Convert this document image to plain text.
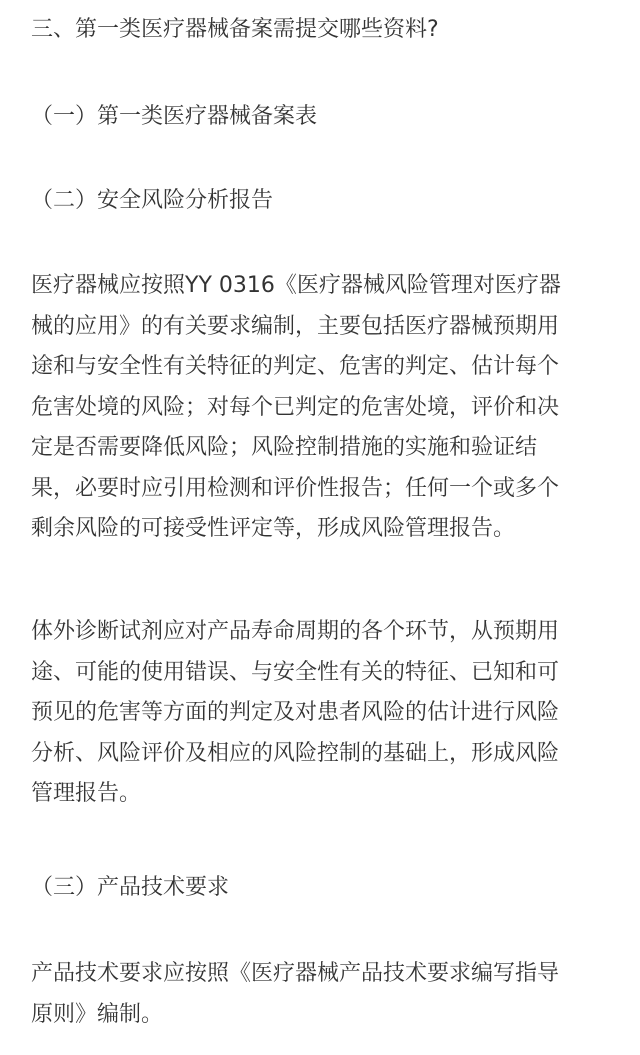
三、第一类医疗器械备案需提交哪些资料?
（一）第一类医疗器械备案表
（二）安全风险分析报告
医疗器械应按照YY 0316《医疗器械风险管理对医疗器
械的应用》的有关要求编制，主要包括医疗器械预期用
途和与安全性有关特征的判定、危害的判定、估计每个
危害处境的风险；对每个已判定的危害处境，评价和决
定是否需要降低风险；风险控制措施的实施和验证结
果，必要时应引用检测和评价性报告；任何一个或多个
剩余风险的可接受性评定等，形成风险管理报告。
体外诊断试剂应对产品寿命周期的各个环节，从预期用
途、可能的使用错误、与安全性有关的特征、已知和可
预见的危害等方面的判定及对患者风险的估计进行风险
分析、风险评价及相应的风险控制的基础上，形成风险
管理报告。
（三）产品技术要求
产品技术要求应按照《医疗器械产品技术要求编写指导
原则》编制。
